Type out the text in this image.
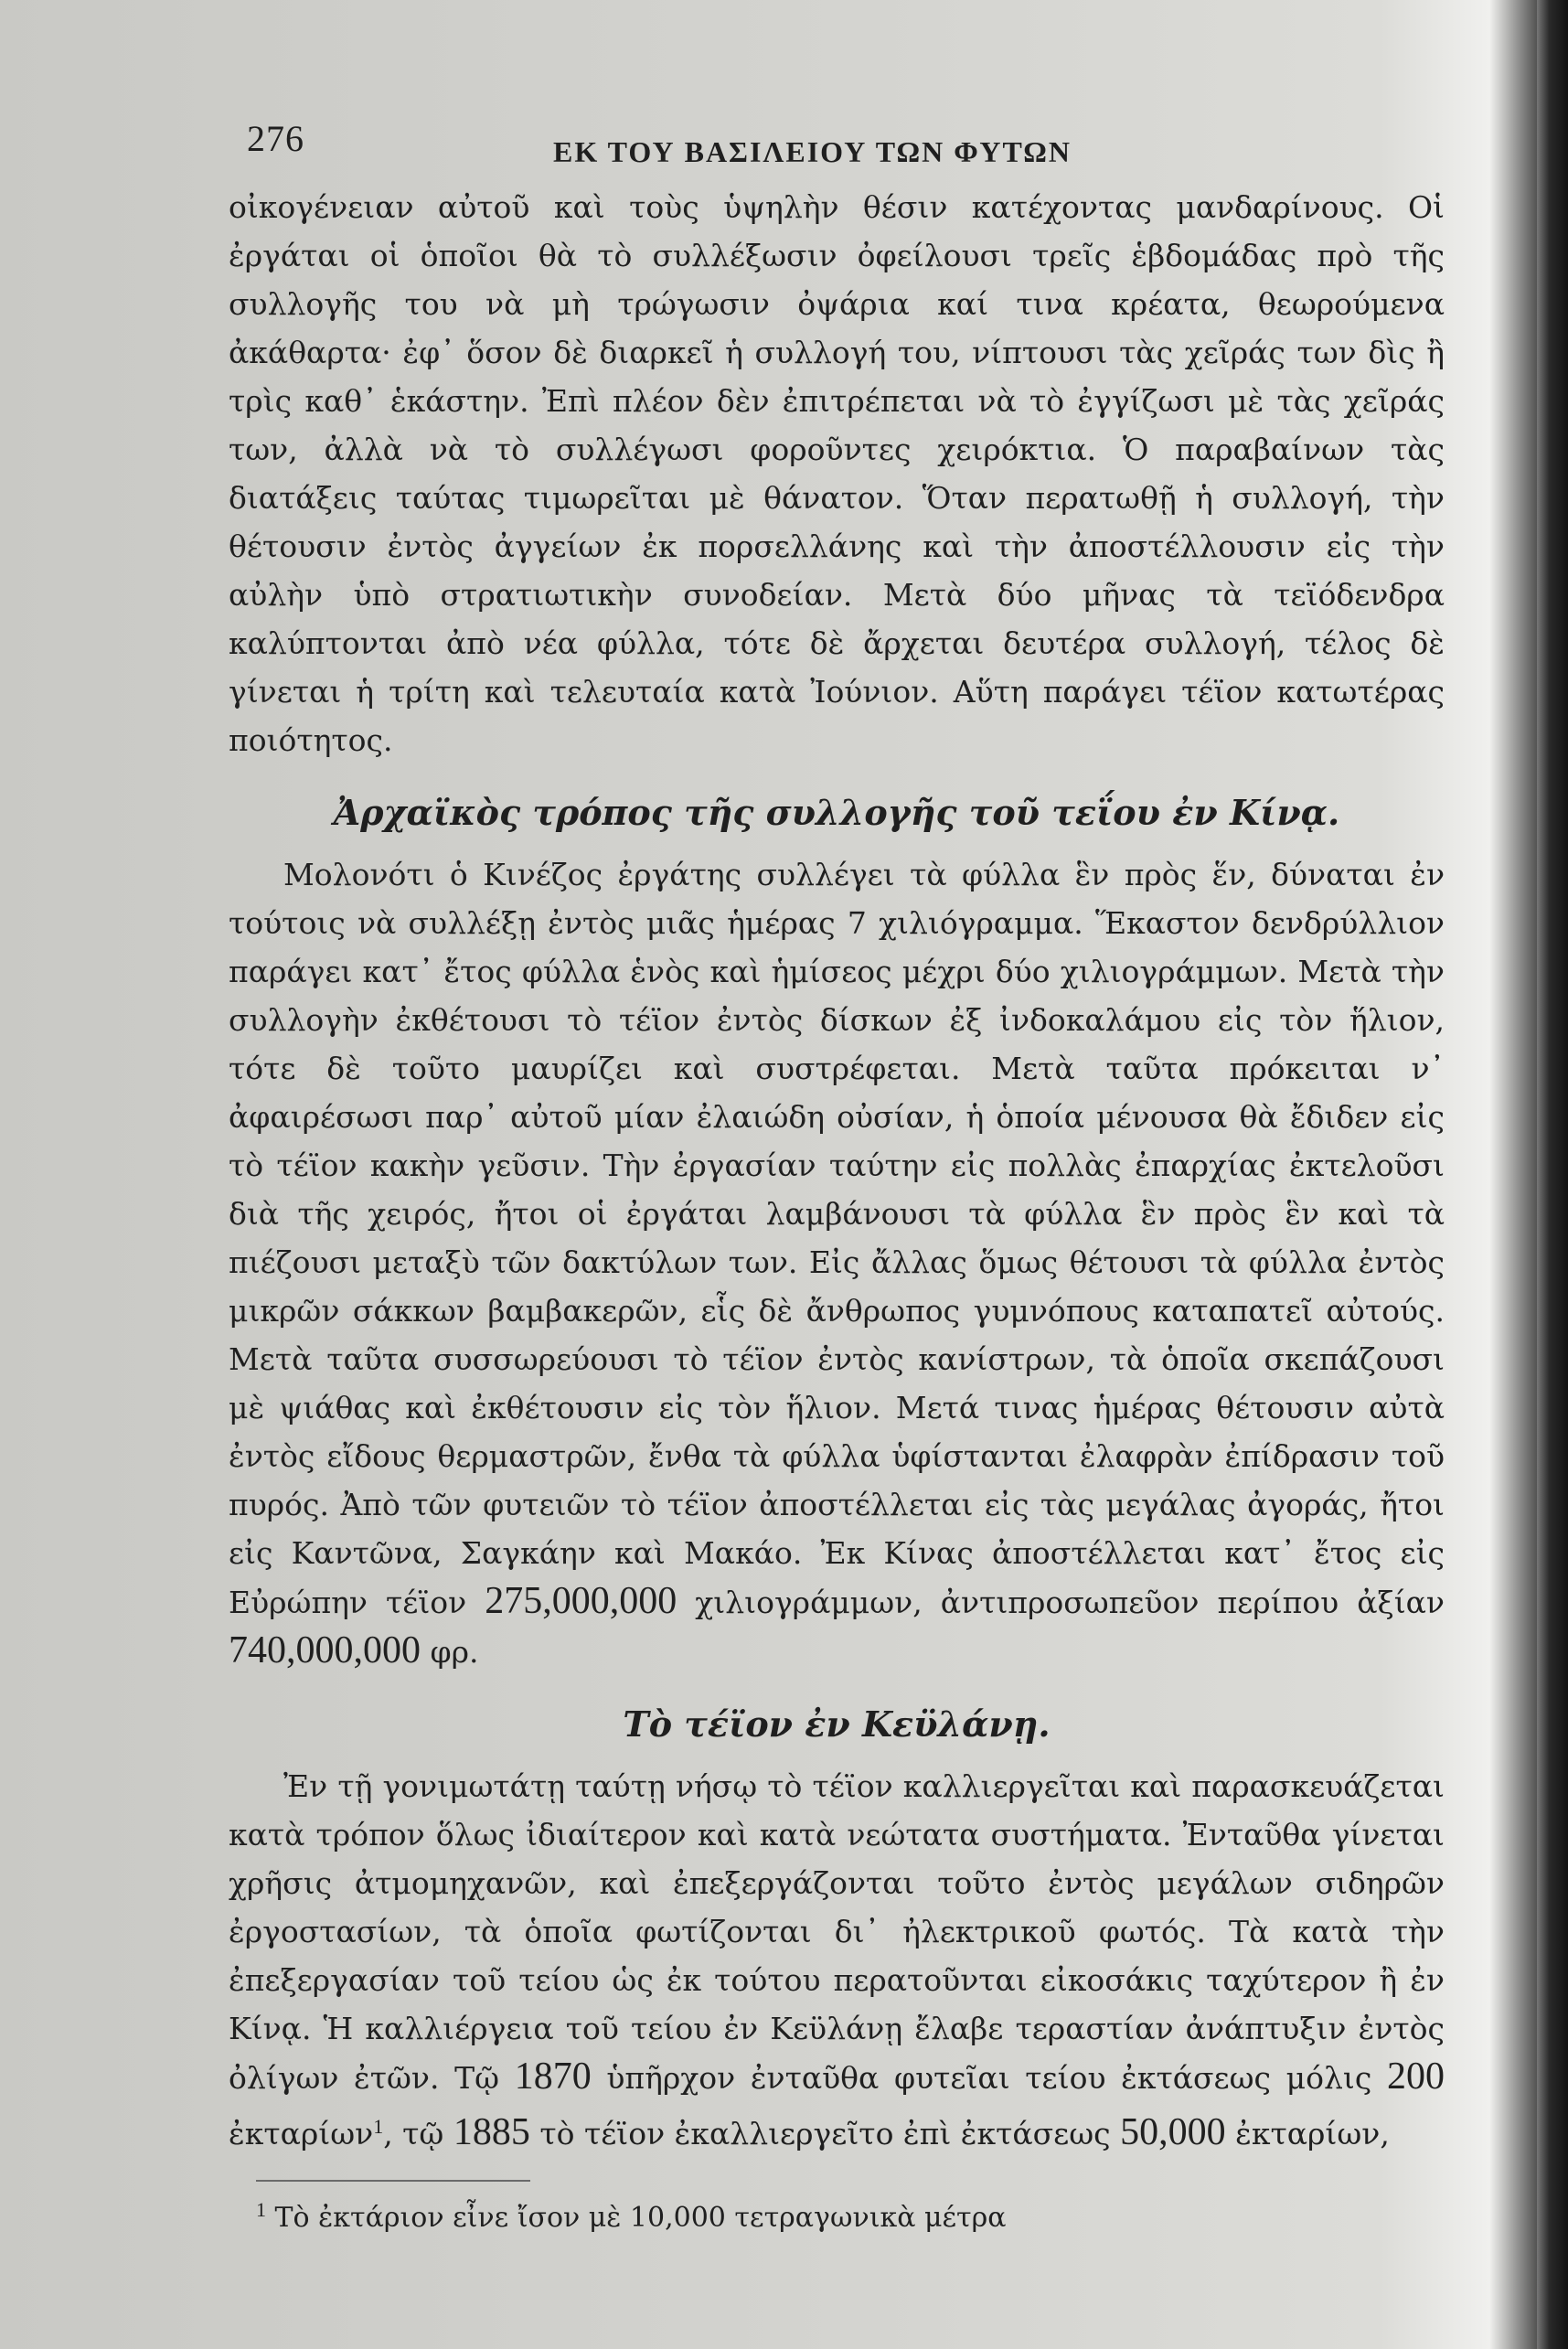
276	ΕΚ ΤΟΥ ΒΑΣΙΛΕΙΟΥ ΤΩΝ ΦΥΤΩΝ

οἰκογένειαν αὐτοῦ καὶ τοὺς ὑψηλὴν θέσιν κατέχοντας μανδαρίνους. Οἱ ἐργάται οἱ ὁποῖοι θὰ τὸ συλλέξωσιν ὀφείλουσι τρεῖς ἑβδομάδας πρὸ τῆς συλλογῆς του νὰ μὴ τρώγωσιν ὀψάρια καί τινα κρέατα, θεωρούμενα ἀκάθαρτα· ἐφ᾽ ὅσον δὲ διαρκεῖ ἡ συλλογή του, νίπτουσι τὰς χεῖράς των δὶς ἢ τρὶς καθ᾽ ἑκάστην. Ἐπὶ πλέον δὲν ἐπιτρέπεται νὰ τὸ ἐγγίζωσι μὲ τὰς χεῖράς των, ἀλλὰ νὰ τὸ συλλέγωσι φοροῦντες χειρόκτια. Ὁ παραβαίνων τὰς διατάξεις ταύτας τιμωρεῖται μὲ θάνατον. Ὅταν περατωθῇ ἡ συλλογή, τὴν θέτουσιν ἐντὸς ἀγγείων ἐκ πορσελλάνης καὶ τὴν ἀποστέλλουσιν εἰς τὴν αὐλὴν ὑπὸ στρατιωτικὴν συνοδείαν. Μετὰ δύο μῆνας τὰ τεϊόδενδρα καλύπτονται ἀπὸ νέα φύλλα, τότε δὲ ἄρχεται δευτέρα συλλογή, τέλος δὲ γίνεται ἡ τρίτη καὶ τελευταία κατὰ Ἰούνιον. Αὕτη παράγει τέϊον κατωτέρας ποιότητος.

Ἀρχαϊκὸς τρόπος τῆς συλλογῆς τοῦ τεΐου ἐν Κίνᾳ.

Μολονότι ὁ Κινέζος ἐργάτης συλλέγει τὰ φύλλα ἓν πρὸς ἕν, δύναται ἐν τούτοις νὰ συλλέξῃ ἐντὸς μιᾶς ἡμέρας 7 χιλιόγραμμα. Ἕκαστον δενδρύλλιον παράγει κατ᾽ ἔτος φύλλα ἑνὸς καὶ ἡμίσεος μέχρι δύο χιλιογράμμων. Μετὰ τὴν συλλογὴν ἐκθέτουσι τὸ τέϊον ἐντὸς δίσκων ἐξ ἰνδοκαλάμου εἰς τὸν ἥλιον, τότε δὲ τοῦτο μαυρίζει καὶ συστρέφεται. Μετὰ ταῦτα πρόκειται ν᾽ ἀφαιρέσωσι παρ᾽ αὐτοῦ μίαν ἐλαιώδη οὐσίαν, ἡ ὁποία μένουσα θὰ ἔδιδεν εἰς τὸ τέϊον κακὴν γεῦσιν. Τὴν ἐργασίαν ταύτην εἰς πολλὰς ἐπαρχίας ἐκτελοῦσι διὰ τῆς χειρός, ἤτοι οἱ ἐργάται λαμβάνουσι τὰ φύλλα ἓν πρὸς ἓν καὶ τὰ πιέζουσι μεταξὺ τῶν δακτύλων των. Εἰς ἄλλας ὅμως θέτουσι τὰ φύλλα ἐντὸς μικρῶν σάκκων βαμβακερῶν, εἷς δὲ ἄνθρωπος γυμνόπους καταπατεῖ αὐτούς. Μετὰ ταῦτα συσσωρεύουσι τὸ τέϊον ἐντὸς κανίστρων, τὰ ὁποῖα σκεπάζουσι μὲ ψιάθας καὶ ἐκθέτουσιν εἰς τὸν ἥλιον. Μετά τινας ἡμέρας θέτουσιν αὐτὰ ἐντὸς εἴδους θερμαστρῶν, ἔνθα τὰ φύλλα ὑφίστανται ἐλαφρὰν ἐπίδρασιν τοῦ πυρός. Ἀπὸ τῶν φυτειῶν τὸ τέϊον ἀποστέλλεται εἰς τὰς μεγάλας ἀγοράς, ἤτοι εἰς Καντῶνα, Σαγκάην καὶ Μακάο. Ἐκ Κίνας ἀποστέλλεται κατ᾽ ἔτος εἰς Εὐρώπην τέϊον 275,000,000 χιλιογράμμων, ἀντιπροσωπεῦον περίπου ἀξίαν 740,000,000 φρ.

Τὸ τέϊον ἐν Κεϋλάνῃ.

Ἐν τῇ γονιμωτάτῃ ταύτῃ νήσῳ τὸ τέϊον καλλιεργεῖται καὶ παρασκευάζεται κατὰ τρόπον ὅλως ἰδιαίτερον καὶ κατὰ νεώτατα συστήματα. Ἐνταῦθα γίνεται χρῆσις ἀτμομηχανῶν, καὶ ἐπεξεργάζονται τοῦτο ἐντὸς μεγάλων σιδηρῶν ἐργοστασίων, τὰ ὁποῖα φωτίζονται δι᾽ ἠλεκτρικοῦ φωτός. Τὰ κατὰ τὴν ἐπεξεργασίαν τοῦ τείου ὡς ἐκ τούτου περατοῦνται εἰκοσάκις ταχύτερον ἢ ἐν Κίνᾳ. Ἡ καλλιέργεια τοῦ τείου ἐν Κεϋλάνῃ ἔλαβε τεραστίαν ἀνάπτυξιν ἐντὸς ὀλίγων ἐτῶν. Τῷ 1870 ὑπῆρχον ἐνταῦθα φυτεῖαι τείου ἐκτάσεως μόλις 200 ἐκταρίων$^1$, τῷ 1885 τὸ τέϊον ἐκαλλιεργεῖτο ἐπὶ ἐκτάσεως 50,000 ἐκταρίων,

$^1$ Τὸ ἐκτάριον εἶνε ἴσον μὲ 10,000 τετραγωνικὰ μέτρα
